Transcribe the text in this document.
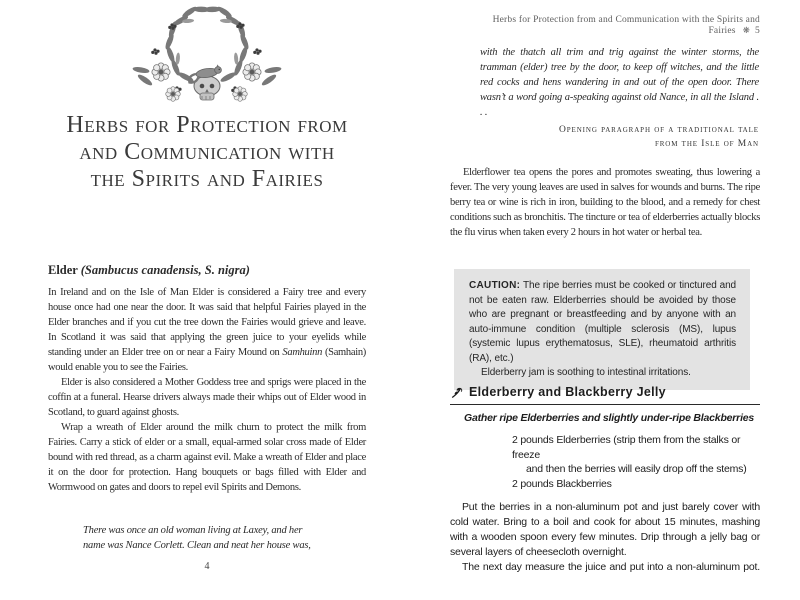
Herbs for Protection from
and Communication with
the Spirits and Fairies

Elder (Sambucus canadensis, S. nigra)

In Ireland and on the Isle of Man Elder is considered a Fairy tree and every house once had one near the door. It was said that helpful Fairies played in the Elder branches and if you cut the tree down the Fairies would grieve and leave. In Scotland it was said that applying the green juice to your eyelids while standing under an Elder tree on or near a Fairy Mound on Samhuinn (Samhain) would enable you to see the Fairies.

Elder is also considered a Mother Goddess tree and sprigs were placed in the coffin at a funeral. Hearse drivers always made their whips out of Elder wood in Scotland, to guard against ghosts.

Wrap a wreath of Elder around the milk churn to protect the milk from Fairies. Carry a stick of elder or a small, equal-armed solar cross made of Elder bound with red thread, as a charm against evil. Make a wreath of Elder and place it on the door for protection. Hang bouquets or bags filled with Elder and Wormwood on gates and doors to repel evil Spirits and Demons.

There was once an old woman living at Laxey, and her
name was Nance Corlett. Clean and neat her house was,
4
Herbs for Protection from and Communication with the Spirits and Fairies ❋ 5

with the thatch all trim and trig against the winter storms, the tramman (elder) tree by the door, to keep off witches, and the little red cocks and hens wandering in and out of the open door. There wasn’t a word going a-speaking against old Nance, in all the Island . . .

Opening paragraph of a traditional tale
from the Isle of Man

Elderflower tea opens the pores and promotes sweating, thus lowering a fever. The very young leaves are used in salves for wounds and burns. The ripe berry tea or wine is rich in iron, building to the blood, and a remedy for chest conditions such as bronchitis. The tincture or tea of elderberries actually blocks the flu virus when taken every 2 hours in hot water or herbal tea.

CAUTION: The ripe berries must be cooked or tinctured and not be eaten raw. Elderberries should be avoided by those who are pregnant or breastfeeding and by anyone with an auto-immune condition (multiple sclerosis (MS), lupus (systemic lupus erythematosus, SLE), rheumatoid arthritis (RA), etc.)
Elderberry jam is soothing to intestinal irritations.
Elderberry and Blackberry Jelly
Gather ripe Elderberries and slightly under-ripe Blackberries
2 pounds Elderberries (strip them from the stalks or freeze
and then the berries will easily drop off the stems)
2 pounds Blackberries

Put the berries in a non-aluminum pot and just barely cover with cold water. Bring to a boil and cook for about 15 minutes, mashing with a wooden spoon every few minutes. Drip through a jelly bag or several layers of cheesecloth overnight.

The next day measure the juice and put into a non-aluminum pot.
